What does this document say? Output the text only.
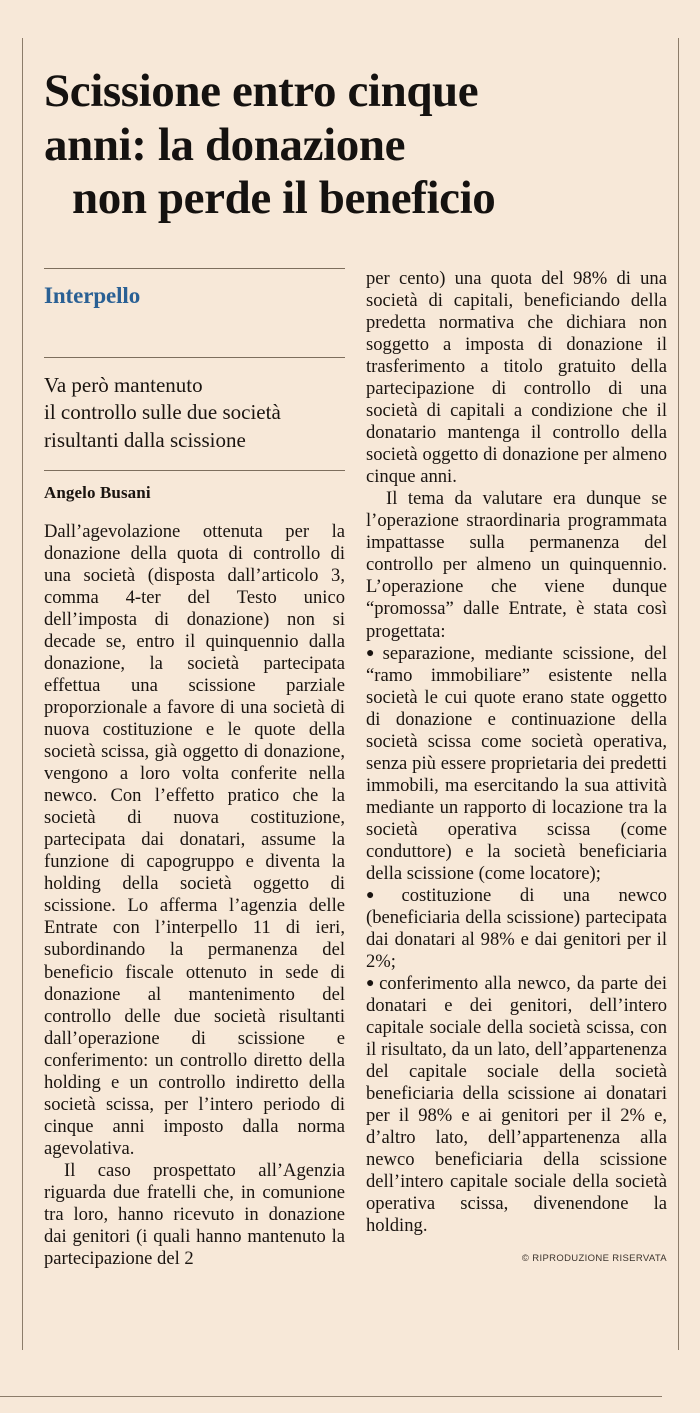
Scissione entro cinque
anni: la donazione
non perde il beneficio
Interpello
Va però mantenuto
il controllo sulle due società
risultanti dalla scissione
Angelo Busani

Dall’agevolazione ottenuta per la donazione della quota di controllo di una società (disposta dall’articolo 3, comma 4-ter del Testo unico dell’imposta di donazione) non si decade se, entro il quinquennio dalla donazione, la società partecipata effettua una scissione parziale proporzionale a favore di una società di nuova costituzione e le quote della società scissa, già oggetto di donazione, vengono a loro volta conferite nella newco. Con l’effetto pratico che la società di nuova costituzione, partecipata dai donatari, assume la funzione di capogruppo e diventa la holding della società oggetto di scissione. Lo afferma l’agenzia delle Entrate con l’interpello 11 di ieri, subordinando la permanenza del beneficio fiscale ottenuto in sede di donazione al mantenimento del controllo delle due società risultanti dall’operazione di scissione e conferimento: un controllo diretto della holding e un controllo indiretto della società scissa, per l’intero periodo di cinque anni imposto dalla norma agevolativa.

Il caso prospettato all’Agenzia riguarda due fratelli che, in comunione tra loro, hanno ricevuto in donazione dai genitori (i quali hanno mantenuto la partecipazione del 2

per cento) una quota del 98% di una società di capitali, beneficiando della predetta normativa che dichiara non soggetto a imposta di donazione il trasferimento a titolo gratuito della partecipazione di controllo di una società di capitali a condizione che il donatario mantenga il controllo della società oggetto di donazione per almeno cinque anni.

Il tema da valutare era dunque se l’operazione straordinaria programmata impattasse sulla permanenza del controllo per almeno un quinquennio. L’operazione che viene dunque “promossa” dalle Entrate, è stata così progettata:

● separazione, mediante scissione, del “ramo immobiliare” esistente nella società le cui quote erano state oggetto di donazione e continuazione della società scissa come società operativa, senza più essere proprietaria dei predetti immobili, ma esercitando la sua attività mediante un rapporto di locazione tra la società operativa scissa (come conduttore) e la società beneficiaria della scissione (come locatore);

● costituzione di una newco (beneficiaria della scissione) partecipata dai donatari al 98% e dai genitori per il 2%;

● conferimento alla newco, da parte dei donatari e dei genitori, dell’intero capitale sociale della società scissa, con il risultato, da un lato, dell’appartenenza del capitale sociale della società beneficiaria della scissione ai donatari per il 98% e ai genitori per il 2% e, d’altro lato, dell’appartenenza alla newco beneficiaria della scissione dell’intero capitale sociale della società operativa scissa, divenendone la holding.

© RIPRODUZIONE RISERVATA
